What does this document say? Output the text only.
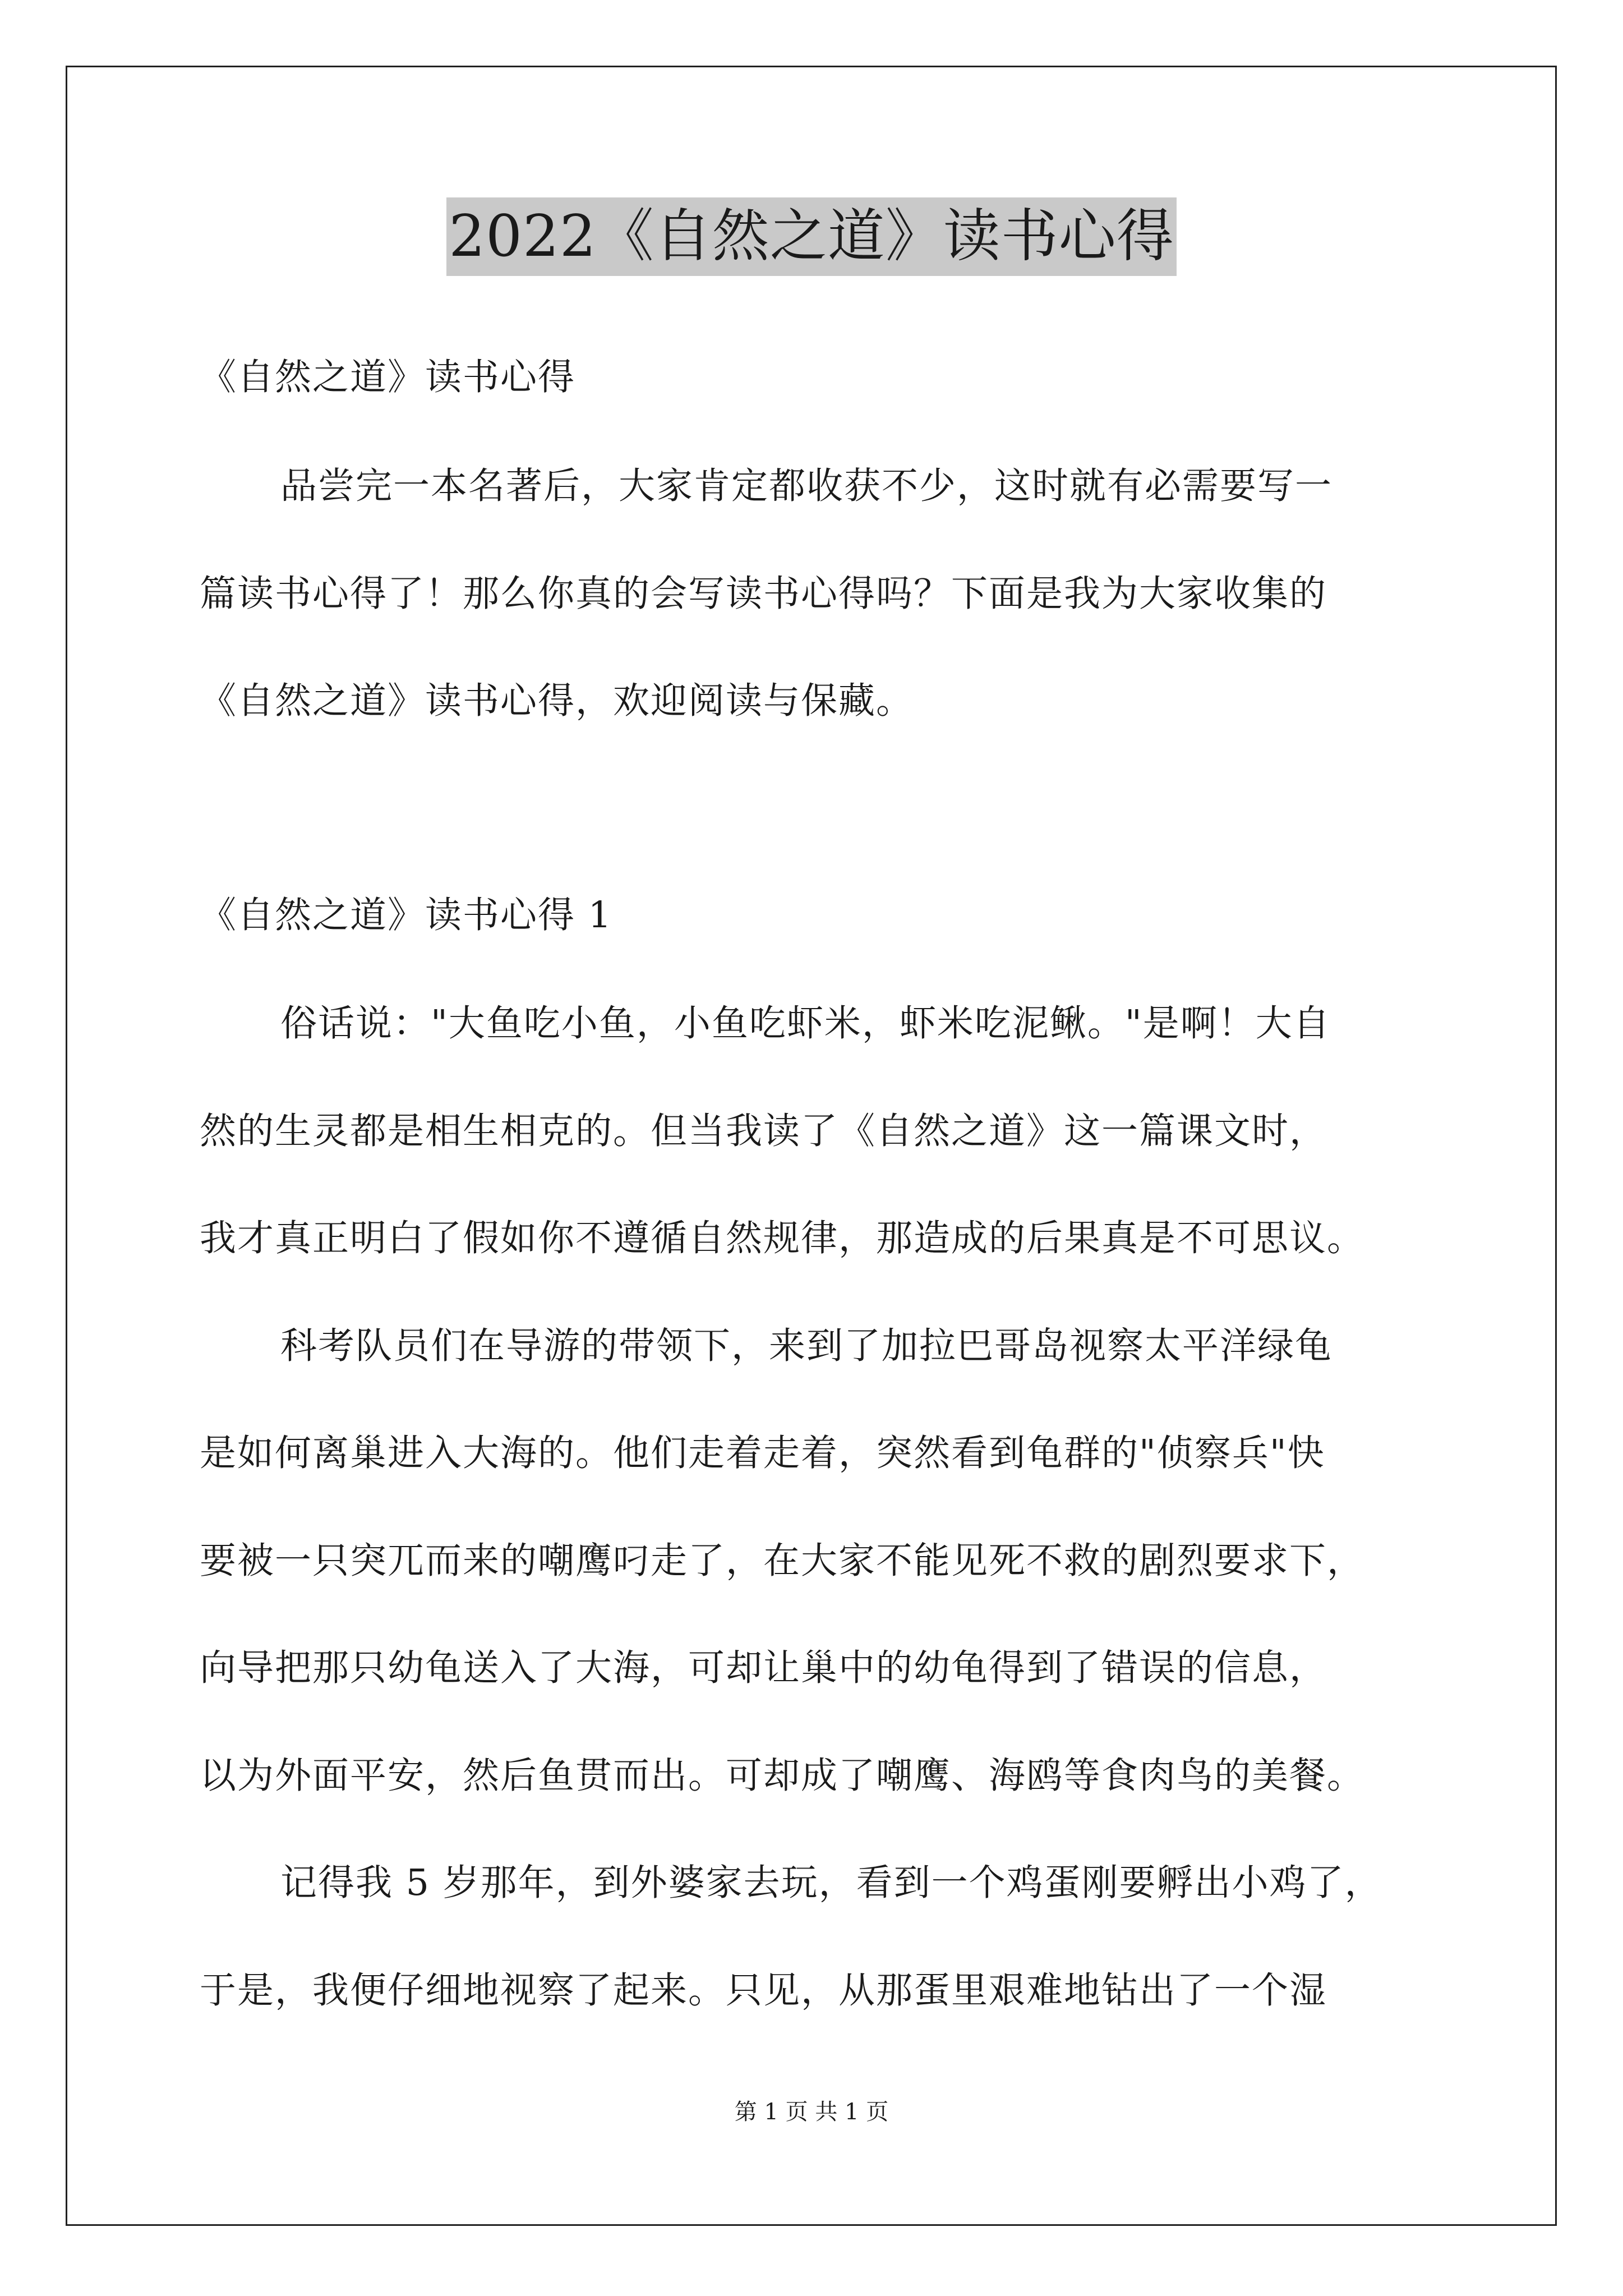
2022《自然之道》读书心得
《自然之道》读书心得
品尝完一本名著后，大家肯定都收获不少，这时就有必需要写一
篇读书心得了！那么你真的会写读书心得吗？下面是我为大家收集的
《自然之道》读书心得，欢迎阅读与保藏。
《自然之道》读书心得 1
俗话说："大鱼吃小鱼，小鱼吃虾米，虾米吃泥鳅。"是啊！大自
然的生灵都是相生相克的。但当我读了《自然之道》这一篇课文时，
我才真正明白了假如你不遵循自然规律，那造成的后果真是不可思议。
科考队员们在导游的带领下，来到了加拉巴哥岛视察太平洋绿龟
是如何离巢进入大海的。他们走着走着，突然看到龟群的"侦察兵"快
要被一只突兀而来的嘲鹰叼走了，在大家不能见死不救的剧烈要求下，
向导把那只幼龟送入了大海，可却让巢中的幼龟得到了错误的信息，
以为外面平安，然后鱼贯而出。可却成了嘲鹰、海鸥等食肉鸟的美餐。
记得我 5 岁那年，到外婆家去玩，看到一个鸡蛋刚要孵出小鸡了，
于是，我便仔细地视察了起来。只见，从那蛋里艰难地钻出了一个湿
第 1 页 共 1 页
